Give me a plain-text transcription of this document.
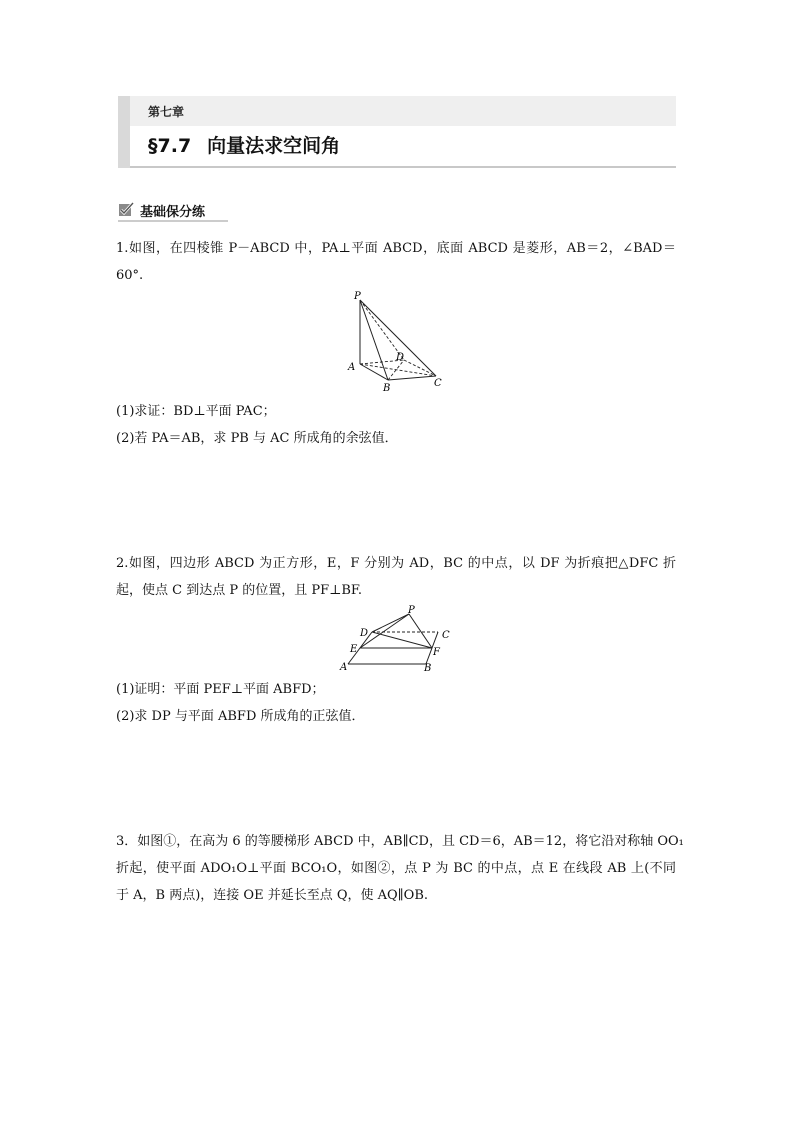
第七章
§7.7 向量法求空间角
基础保分练
1.如图，在四棱锥 P－ABCD 中，PA⊥平面 ABCD，底面 ABCD 是菱形，AB＝2，∠BAD＝
60°.
P
A
B	C
D
(1)求证：BD⊥平面 PAC；
(2)若 PA＝AB，求 PB 与 AC 所成角的余弦值．
2.如图，四边形 ABCD 为正方形，E，F 分别为 AD，BC 的中点，以 DF 为折痕把△DFC 折
起，使点 C 到达点 P 的位置，且 PF⊥BF.
P
D	C
E	F
A	B
(1)证明：平面 PEF⊥平面 ABFD；
(2)求 DP 与平面 ABFD 所成角的正弦值．
3．如图①，在高为 6 的等腰梯形 ABCD 中，AB∥CD，且 CD＝6，AB＝12，将它沿对称轴 OO₁
折起，使平面 ADO₁O⊥平面 BCO₁O，如图②，点 P 为 BC 的中点，点 E 在线段 AB 上(不同
于 A，B 两点)，连接 OE 并延长至点 Q，使 AQ∥OB.
